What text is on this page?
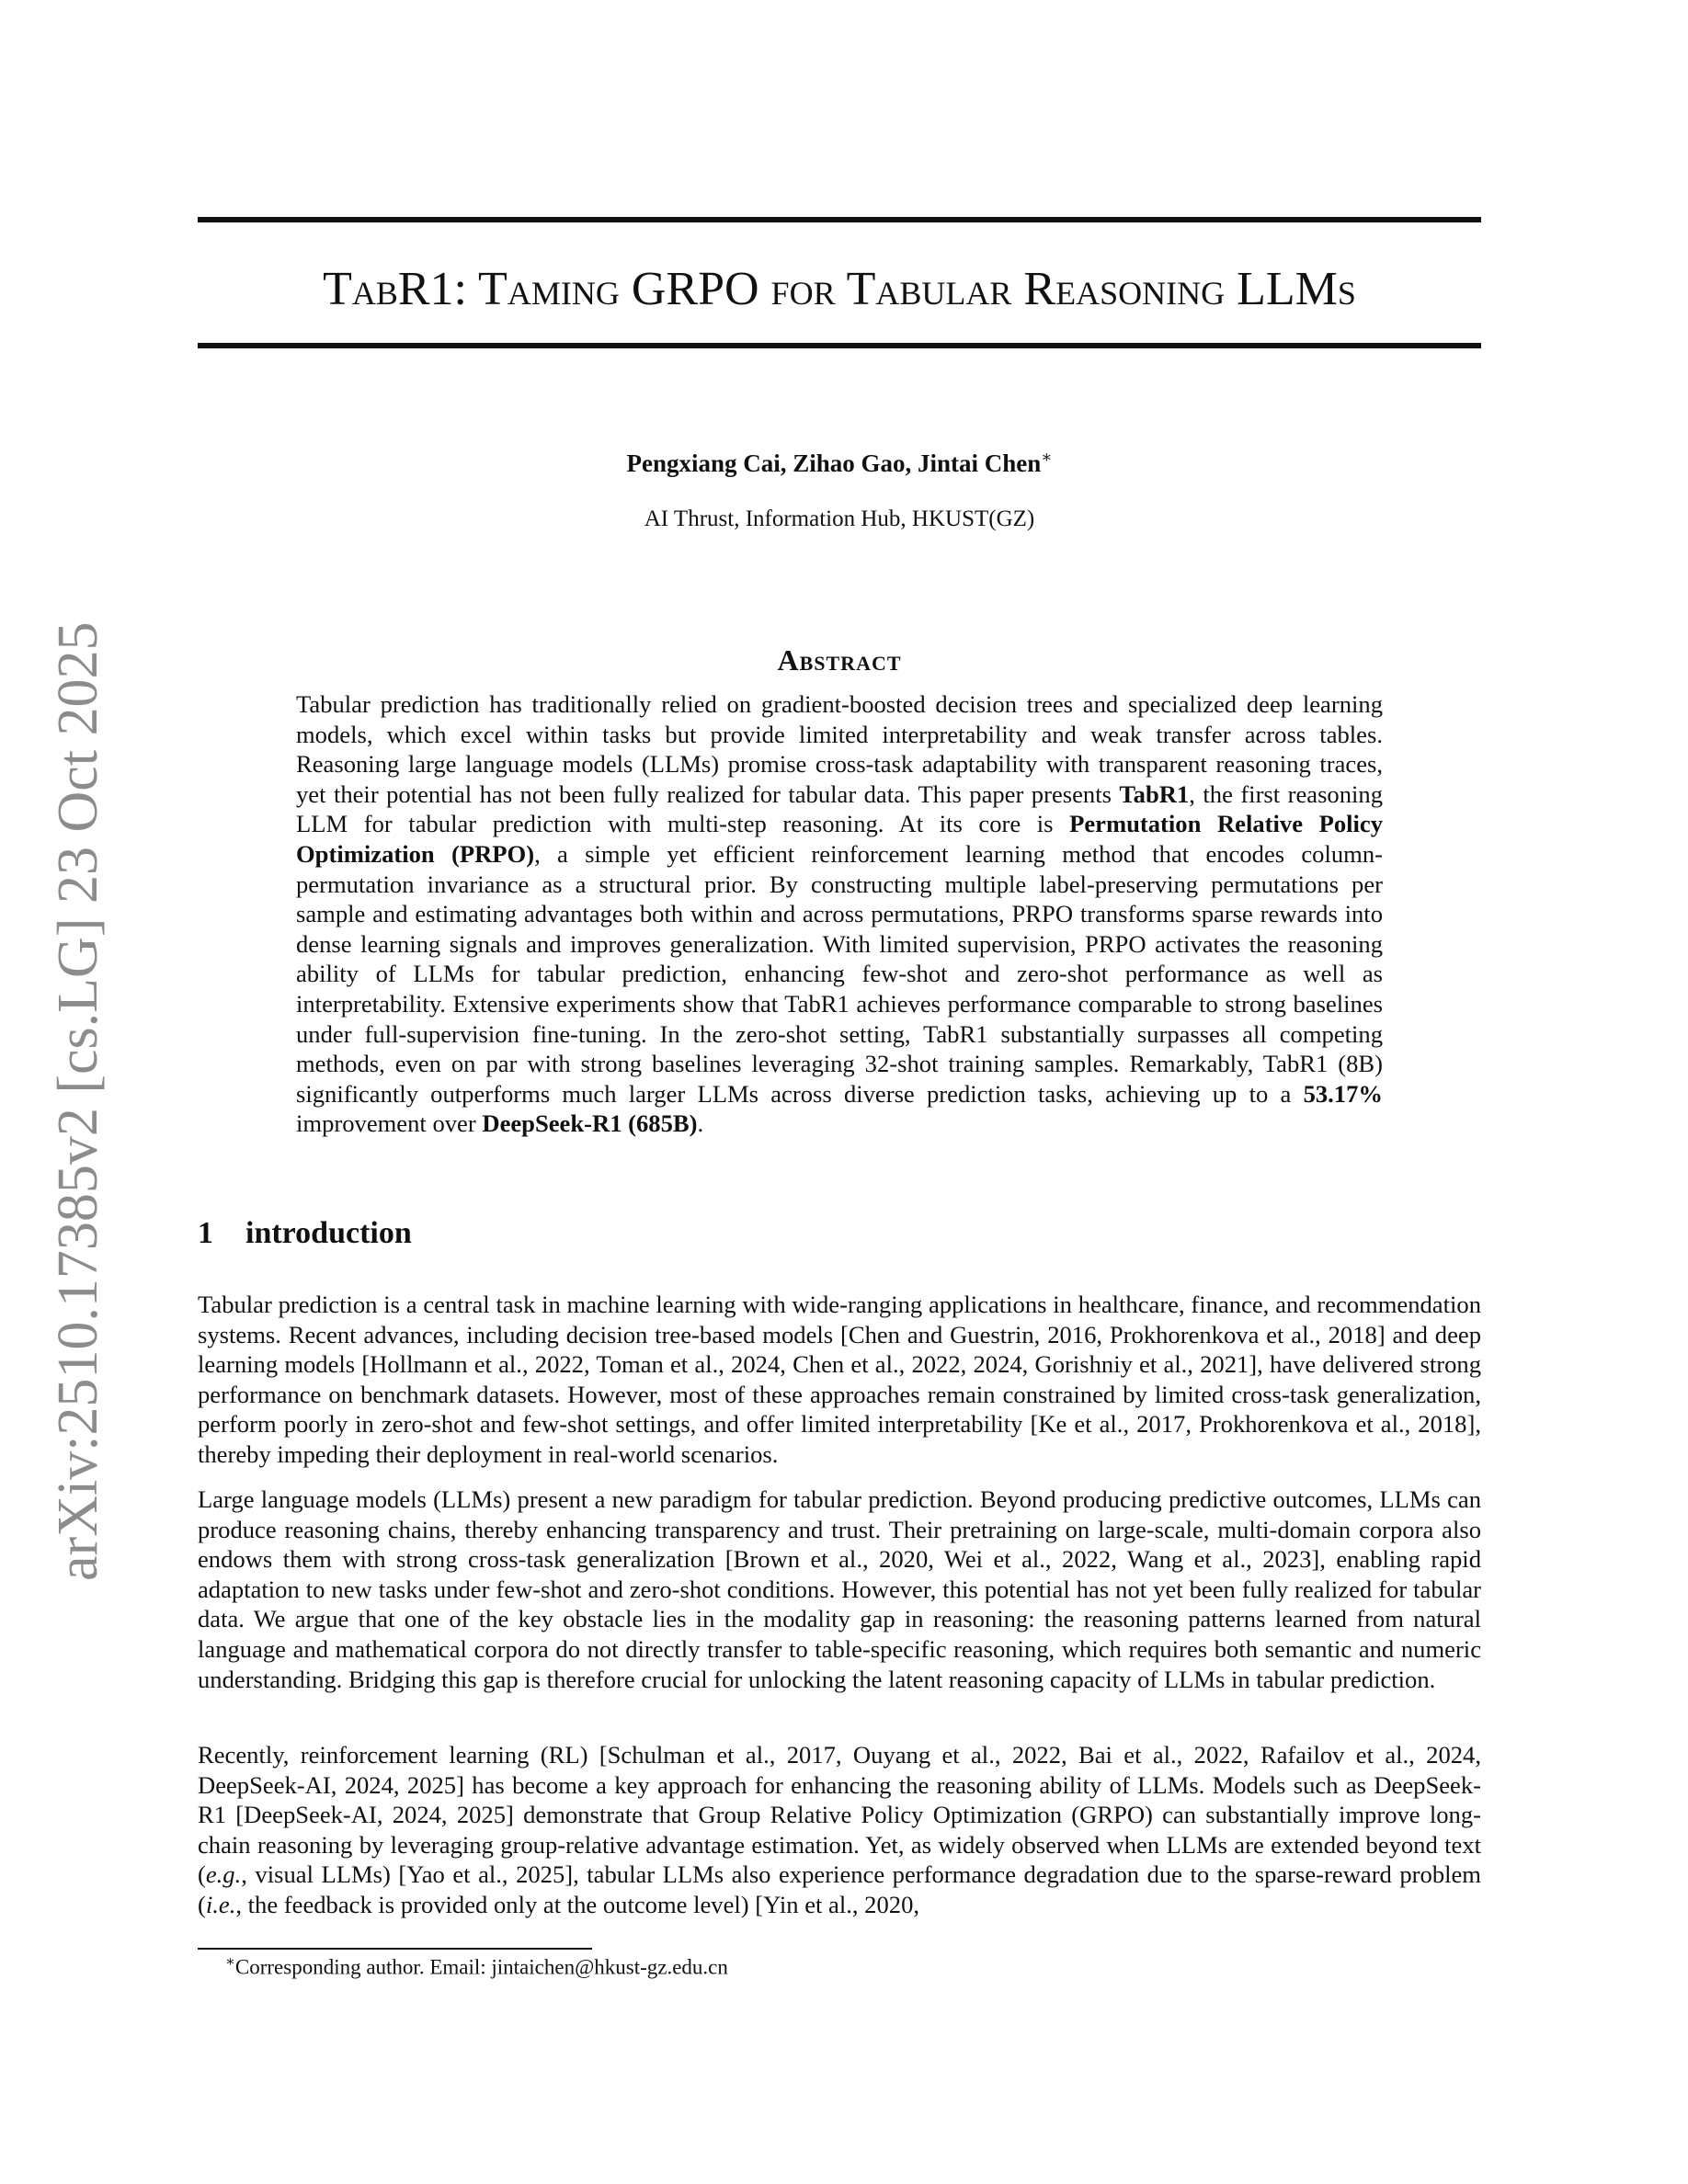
arXiv:2510.17385v2 [cs.LG] 23 Oct 2025
TabR1: Taming GRPO for Tabular Reasoning LLMs
Pengxiang Cai, Zihao Gao, Jintai Chen∗
AI Thrust, Information Hub, HKUST(GZ)
Abstract
Tabular prediction has traditionally relied on gradient-boosted decision trees and specialized deep learning models, which excel within tasks but provide limited interpretability and weak transfer across tables. Reasoning large language models (LLMs) promise cross-task adaptability with transparent reasoning traces, yet their potential has not been fully realized for tabular data. This paper presents TabR1, the first reasoning LLM for tabular prediction with multi-step reasoning. At its core is Permutation Relative Policy Optimization (PRPO), a simple yet efficient reinforcement learning method that encodes column-permutation invariance as a structural prior. By constructing multiple label-preserving permutations per sample and estimating advantages both within and across permutations, PRPO transforms sparse rewards into dense learning signals and improves generalization. With limited supervision, PRPO activates the reasoning ability of LLMs for tabular prediction, enhancing few-shot and zero-shot performance as well as interpretability. Extensive experiments show that TabR1 achieves performance comparable to strong baselines under full-supervision fine-tuning. In the zero-shot setting, TabR1 substantially surpasses all competing methods, even on par with strong baselines leveraging 32-shot training samples. Remarkably, TabR1 (8B) significantly outperforms much larger LLMs across diverse prediction tasks, achieving up to a 53.17% improvement over DeepSeek-R1 (685B).
1 introduction
Tabular prediction is a central task in machine learning with wide-ranging applications in healthcare, finance, and recommendation systems. Recent advances, including decision tree-based models [Chen and Guestrin, 2016, Prokhorenkova et al., 2018] and deep learning models [Hollmann et al., 2022, Toman et al., 2024, Chen et al., 2022, 2024, Gorishniy et al., 2021], have delivered strong performance on benchmark datasets. However, most of these approaches remain constrained by limited cross-task generalization, perform poorly in zero-shot and few-shot settings, and offer limited interpretability [Ke et al., 2017, Prokhorenkova et al., 2018], thereby impeding their deployment in real-world scenarios.
Large language models (LLMs) present a new paradigm for tabular prediction. Beyond producing predictive outcomes, LLMs can produce reasoning chains, thereby enhancing transparency and trust. Their pretraining on large-scale, multi-domain corpora also endows them with strong cross-task generalization [Brown et al., 2020, Wei et al., 2022, Wang et al., 2023], enabling rapid adaptation to new tasks under few-shot and zero-shot conditions. However, this potential has not yet been fully realized for tabular data. We argue that one of the key obstacle lies in the modality gap in reasoning: the reasoning patterns learned from natural language and mathematical corpora do not directly transfer to table-specific reasoning, which requires both semantic and numeric understanding. Bridging this gap is therefore crucial for unlocking the latent reasoning capacity of LLMs in tabular prediction.
Recently, reinforcement learning (RL) [Schulman et al., 2017, Ouyang et al., 2022, Bai et al., 2022, Rafailov et al., 2024, DeepSeek-AI, 2024, 2025] has become a key approach for enhancing the reasoning ability of LLMs. Models such as DeepSeek-R1 [DeepSeek-AI, 2024, 2025] demonstrate that Group Relative Policy Optimization (GRPO) can substantially improve long-chain reasoning by leveraging group-relative advantage estimation. Yet, as widely observed when LLMs are extended beyond text (e.g., visual LLMs) [Yao et al., 2025], tabular LLMs also experience performance degradation due to the sparse-reward problem (i.e., the feedback is provided only at the outcome level) [Yin et al., 2020,
∗Corresponding author. Email: jintaichen@hkust-gz.edu.cn
